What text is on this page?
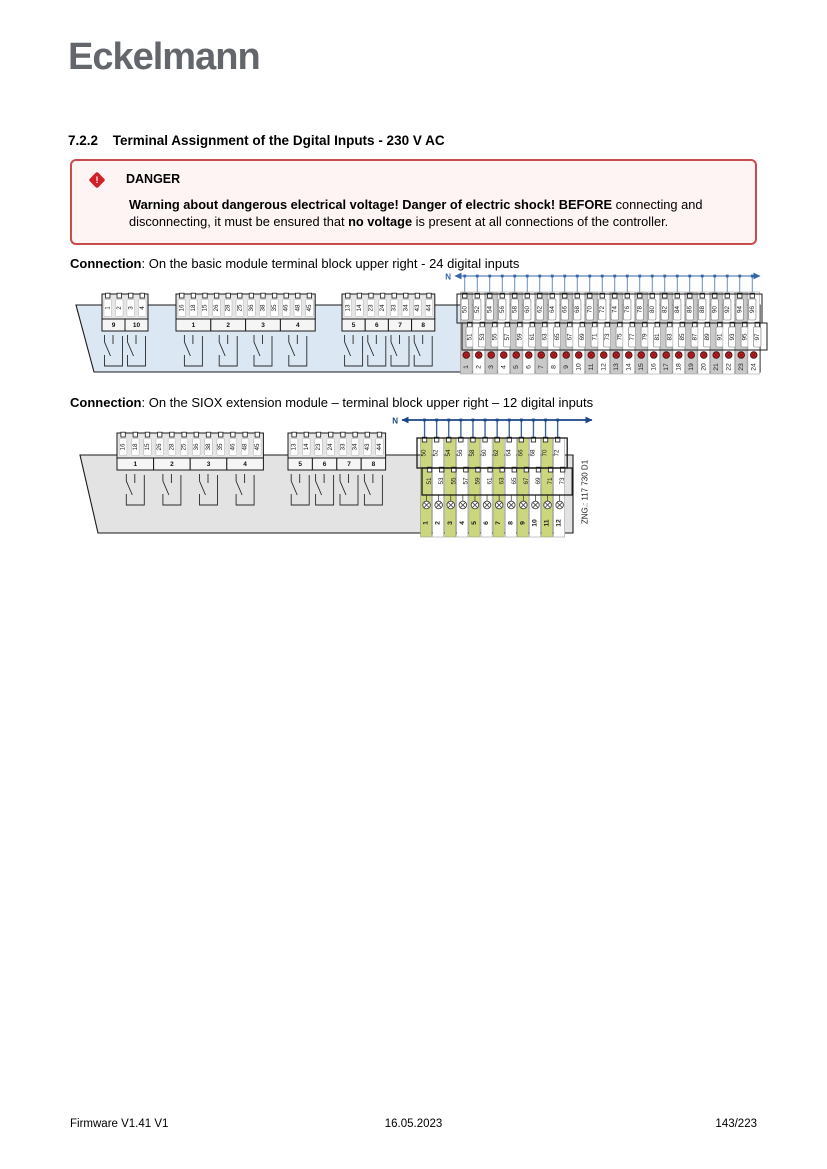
Eckelmann
7.2.2 Terminal Assignment of the Dgital Inputs - 230 V AC
!	DANGER
Warning about dangerous electrical voltage! Danger of electric shock! BEFORE connecting and disconnecting, it must be ensured that no voltage is present at all connections of the controller.
Connection: On the basic module terminal block upper right - 24 digital inputs
N
1 2 3 4
9	10
16 18 15 26 28 25 36 38 35 46 48 45
1	2	3	4
13 14 23 24 33 34 43 44
5	6	7	8
50
51
1
52
53
2
54
55
3
56
57
4
58
59
5
60
61
6
62
63
7
64
65
8
66
67
9
68
69
10
70
71
11
72
73
12
74
75
13
76
77
14
78
79
15
80
81
16
82
83
17
84
85
18
86
87
19
88
89
20
90
91
21
92
93
22
94
95
23
96
97
24
Connection: On the SIOX extension module – terminal block upper right – 12 digital inputs
N
16 18 15 26 28 25 36 38 35 46 48 45
1	2	3	4
13 14 23 24 33 34 43 44
5	6	7	8
50
51
1
52
53
2
54
55
3
56
57
4
58
59
5
60
61
6
62
63
7
64
65
8
66
67
9
68
69
10
70
71
11
72
73
12 ZNG.: 117 730 D1
Firmware V1.41 V1	16.05.2023	143/223
